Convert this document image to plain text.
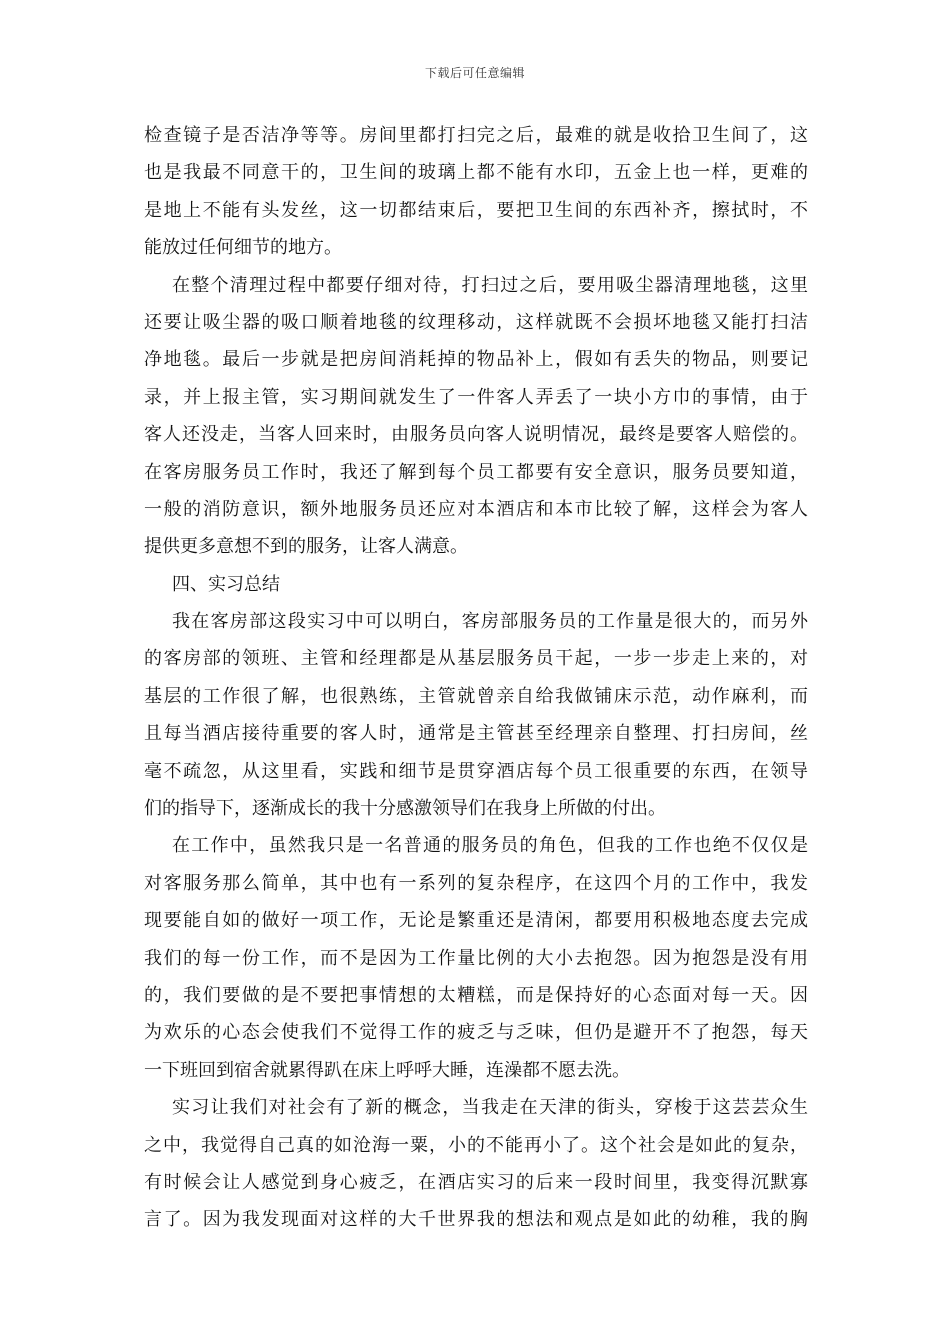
下载后可任意编辑
检查镜子是否洁净等等。房间里都打扫完之后，最难的就是收拾卫生间了，这
也是我最不同意干的，卫生间的玻璃上都不能有水印，五金上也一样，更难的
是地上不能有头发丝，这一切都结束后，要把卫生间的东西补齐，擦拭时，不
能放过任何细节的地方。
在整个清理过程中都要仔细对待，打扫过之后，要用吸尘器清理地毯，这里
还要让吸尘器的吸口顺着地毯的纹理移动，这样就既不会损坏地毯又能打扫洁
净地毯。最后一步就是把房间消耗掉的物品补上，假如有丢失的物品，则要记
录，并上报主管，实习期间就发生了一件客人弄丢了一块小方巾的事情，由于
客人还没走，当客人回来时，由服务员向客人说明情况，最终是要客人赔偿的。
在客房服务员工作时，我还了解到每个员工都要有安全意识，服务员要知道，
一般的消防意识，额外地服务员还应对本酒店和本市比较了解，这样会为客人
提供更多意想不到的服务，让客人满意。
四、实习总结
我在客房部这段实习中可以明白，客房部服务员的工作量是很大的，而另外
的客房部的领班、主管和经理都是从基层服务员干起，一步一步走上来的，对
基层的工作很了解，也很熟练，主管就曾亲自给我做铺床示范，动作麻利，而
且每当酒店接待重要的客人时，通常是主管甚至经理亲自整理、打扫房间，丝
毫不疏忽，从这里看，实践和细节是贯穿酒店每个员工很重要的东西，在领导
们的指导下，逐渐成长的我十分感激领导们在我身上所做的付出。
在工作中，虽然我只是一名普通的服务员的角色，但我的工作也绝不仅仅是
对客服务那么简单，其中也有一系列的复杂程序，在这四个月的工作中，我发
现要能自如的做好一项工作，无论是繁重还是清闲，都要用积极地态度去完成
我们的每一份工作，而不是因为工作量比例的大小去抱怨。因为抱怨是没有用
的，我们要做的是不要把事情想的太糟糕，而是保持好的心态面对每一天。因
为欢乐的心态会使我们不觉得工作的疲乏与乏味，但仍是避开不了抱怨，每天
一下班回到宿舍就累得趴在床上呼呼大睡，连澡都不愿去洗。
实习让我们对社会有了新的概念，当我走在天津的街头，穿梭于这芸芸众生
之中，我觉得自己真的如沧海一粟，小的不能再小了。这个社会是如此的复杂，
有时候会让人感觉到身心疲乏，在酒店实习的后来一段时间里，我变得沉默寡
言了。因为我发现面对这样的大千世界我的想法和观点是如此的幼稚，我的胸
